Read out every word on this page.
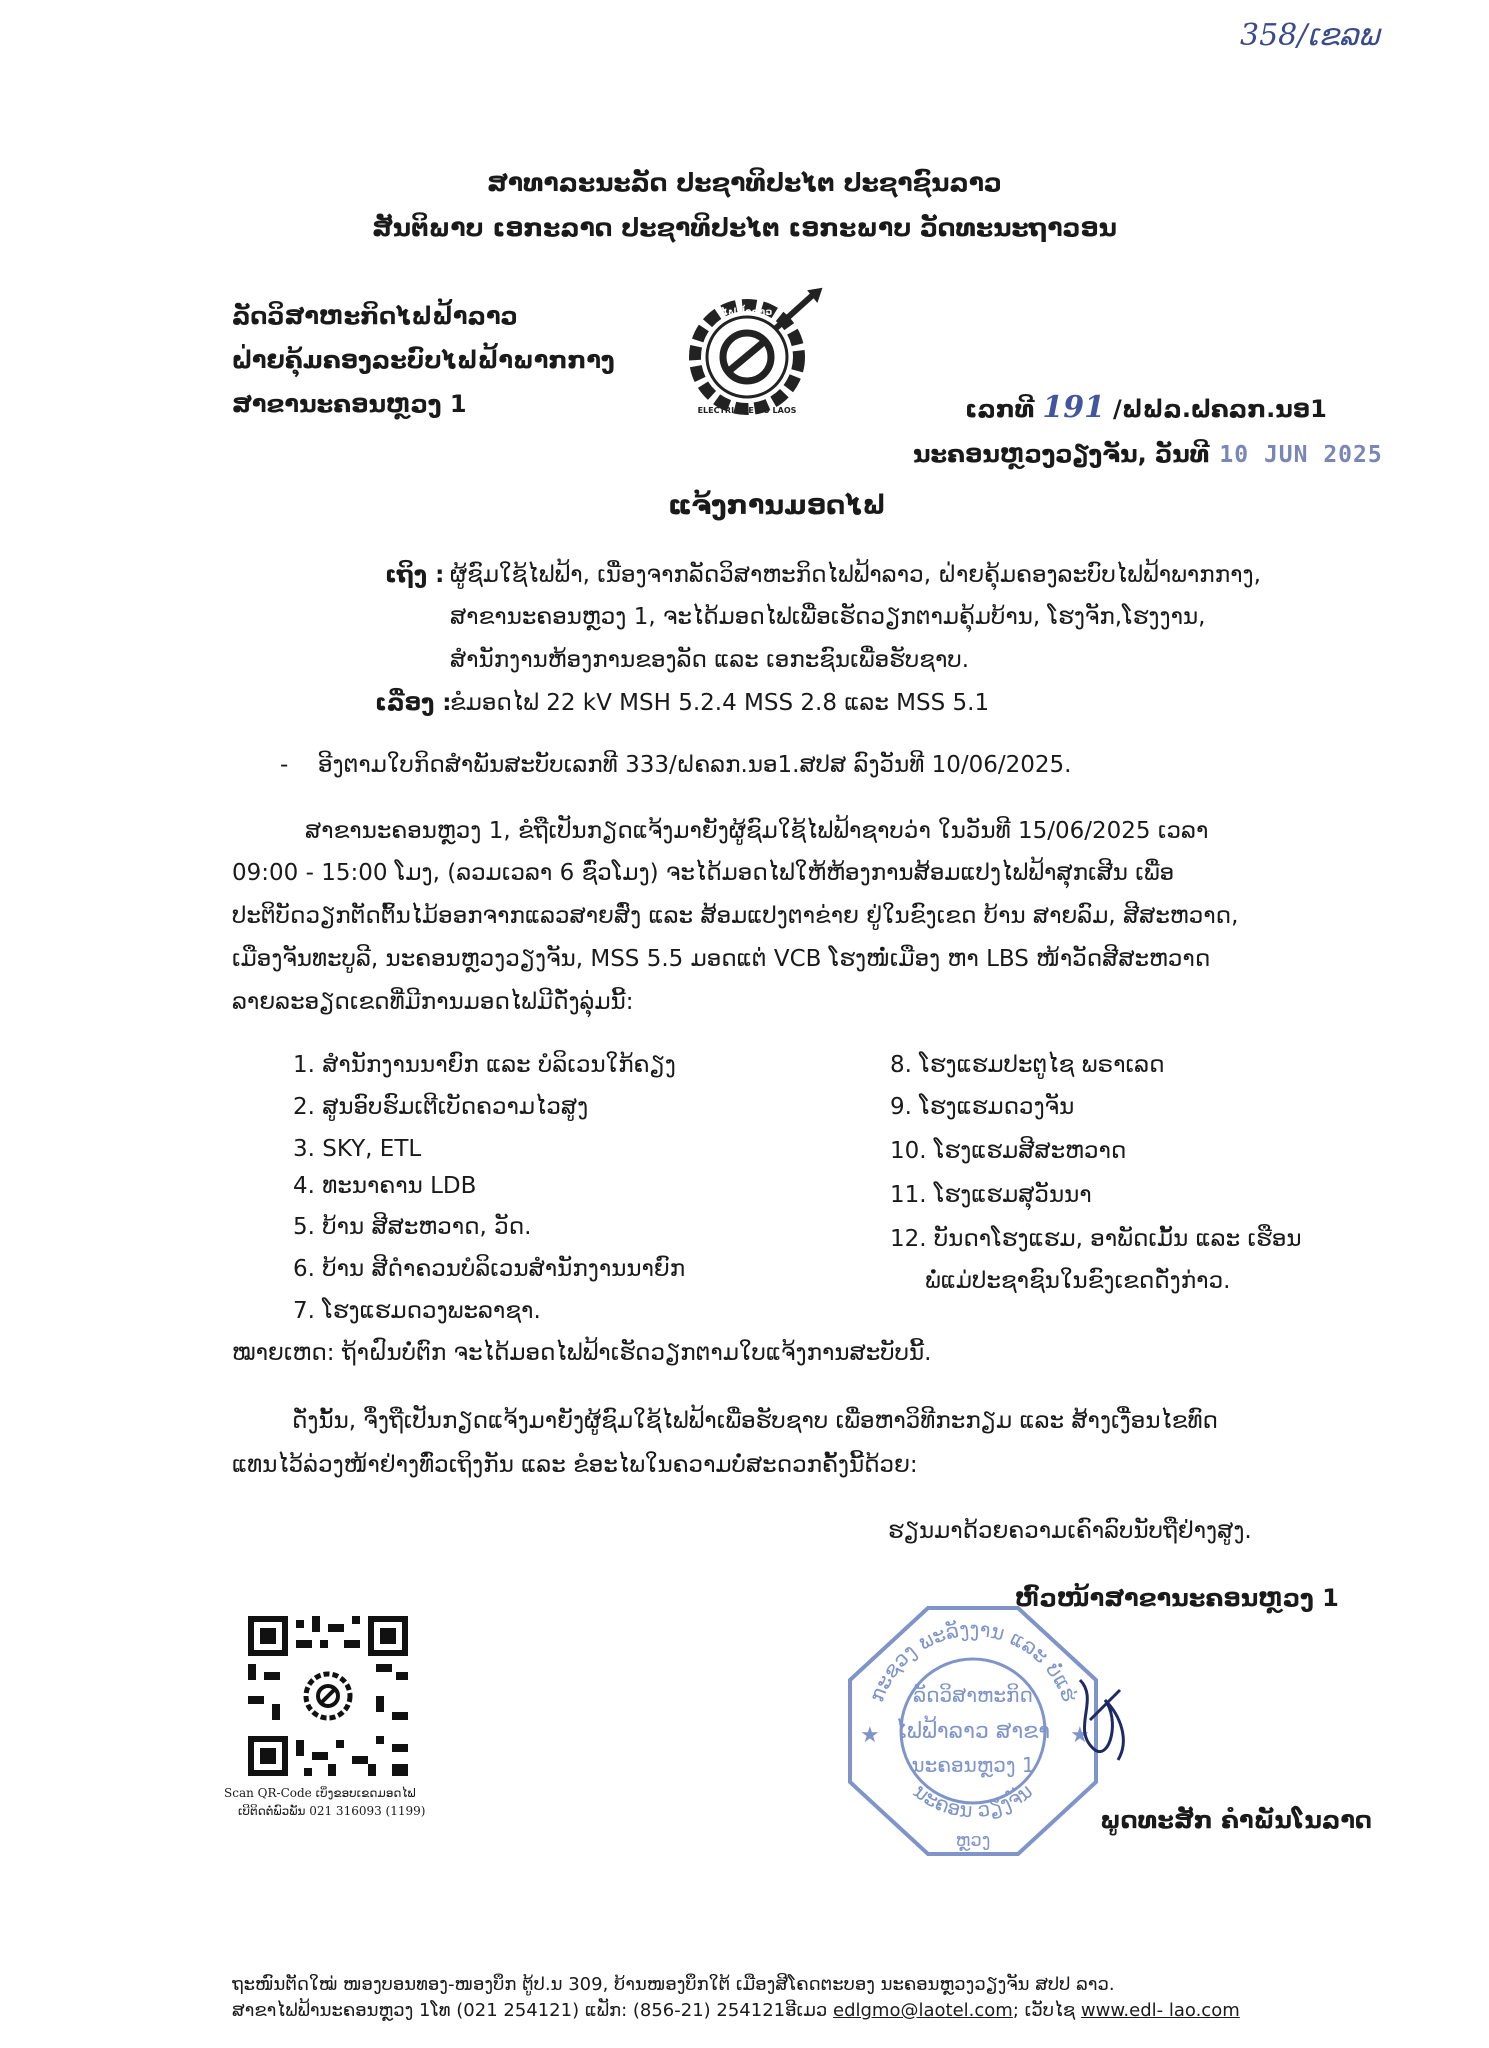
358/ເຂລພ
ສາທາລະນະລັດ ປະຊາທິປະໄຕ ປະຊາຊົນລາວ
ສັນຕິພາບ ເອກະລາດ ປະຊາທິປະໄຕ ເອກະພາບ ວັດທະນະຖາວອນ
ລັດວິສາຫະກິດໄຟຟ້າລາວ
ຝ່າຍຄຸ້ມຄອງລະບົບໄຟຟ້າພາກກາງ
ສາຂານະຄອນຫຼວງ 1
ໄຟຟ້າລາວ
ELECTRICITE DU LAOS	ເລກທີ 191 /ຟຟລ.ຝຄລກ.ນອ1
ນະຄອນຫຼວງວຽງຈັນ, ວັນທີ 10 JUN 2025
ແຈ້ງການມອດໄຟ
ເຖິງ : ຜູ້ຊົມໃຊ້ໄຟຟ້າ, ເນື່ອງຈາກລັດວິສາຫະກິດໄຟຟ້າລາວ, ຝ່າຍຄຸ້ມຄອງລະບົບໄຟຟ້າພາກກາງ,
ສາຂານະຄອນຫຼວງ 1, ຈະໄດ້ມອດໄຟເພື່ອເຮັດວຽກຕາມຄຸ້ມບ້ານ, ໂຮງຈັກ,ໂຮງງານ,
ສຳນັກງານຫ້ອງການຂອງລັດ ແລະ ເອກະຊົນເພື່ອຮັບຊາບ.
ເລື່ອງ :
ຂໍມອດໄຟ 22 kV MSH 5.2.4 MSS 2.8 ແລະ MSS 5.1
- ອີງຕາມໃບກິດສຳພັນສະບັບເລກທີ 333/ຝຄລກ.ນອ1.ສປສ ລົງວັນທີ 10/06/2025.
ສາຂານະຄອນຫຼວງ 1, ຂໍຖືເປັນກຽດແຈ້ງມາຍັງຜູ້ຊົມໃຊ້ໄຟຟ້າຊາບວ່າ ໃນວັນທີ 15/06/2025 ເວລາ
09:00 - 15:00 ໂມງ, (ລວມເວລາ 6 ຊົ່ວໂມງ) ຈະໄດ້ມອດໄຟໃຫ້ຫ້ອງການສ້ອມແປງໄຟຟ້າສຸກເສີນ ເພື່ອ
ປະຕິບັດວຽກຕັດຕົ້ນໄມ້ອອກຈາກແລວສາຍສົ່ງ ແລະ ສ້ອມແປງຕາຂ່າຍ ຢູ່ໃນຂົງເຂດ ບ້ານ ສາຍລົມ, ສີສະຫວາດ,
ເມືອງຈັນທະບູລີ, ນະຄອນຫຼວງວຽງຈັນ, MSS 5.5 ມອດແຕ່ VCB ໂຮງໜໍ່ເມືອງ ຫາ LBS ໜ້າວັດສີສະຫວາດ
ລາຍລະອຽດເຂດທີ່ມີການມອດໄຟມີດັ່ງລຸ່ມນີ້:
1. ສຳນັກງານນາຍົກ ແລະ ບໍລິເວນໃກ້ຄຽງ
2. ສູນອົບຮົມເຕີເບັດຄວາມໄວສູງ
3. SKY, ETL
4. ທະນາຄານ LDB
5. ບ້ານ ສີສະຫວາດ, ວັດ.
6. ບ້ານ ສີດຳຄວນບໍລິເວນສຳນັກງານນາຍົກ
7. ໂຮງແຮມດວງພະລາຊາ.
8. ໂຮງແຮມປະຕູໄຊ ພຣາເລດ
9. ໂຮງແຮມດວງຈັນ
10. ໂຮງແຮມສີສະຫວາດ
11. ໂຮງແຮມສຸວັນນາ
12. ບັນດາໂຮງແຮມ, ອາພັດເມັ້ນ ແລະ ເຮືອນ
ພໍ່ແມ່ປະຊາຊົນໃນຂົງເຂດດັ່ງກ່າວ.
ໝາຍເຫດ: ຖ້າຝົນບໍ່ຕົກ ຈະໄດ້ມອດໄຟຟ້າເຮັດວຽກຕາມໃບແຈ້ງການສະບັບນີ້.
ດັ່ງນັ້ນ, ຈຶ່ງຖືເປັນກຽດແຈ້ງມາຍັງຜູ້ຊົມໃຊ້ໄຟຟ້າເພື່ອຮັບຊາບ ເພື່ອຫາວິທີກະກຽມ ແລະ ສ້າງເງື່ອນໄຂທົດ
ແທນໄວ້ລ່ວງໜ້າຢ່າງທົ່ວເຖິງກັນ ແລະ ຂໍອະໄພໃນຄວາມບໍ່ສະດວກຄັ້ງນີ້ດ້ວຍ:
ຮຽນມາດ້ວຍຄວາມເຄົາລົບນັບຖືຢ່າງສູງ.
ຫົວໜ້າສາຂານະຄອນຫຼວງ 1
Scan QR-Code ເບິ່ງຂອບເຂດມອດໄຟ
ເບີຕິດຕໍ່ພົວພັນ 021 316093 (1199)
ກະຊວງ ພະລັງງານ ແລະ ບໍ່ແຮ່
ນະຄອນ ວຽງຈັນ
ລັດວິສາຫະກິດ
ໄຟຟ້າລາວ ສາຂາ
ນະຄອນຫຼວງ 1
ຫຼວງ
★	★
ພູດທະສັກ ຄຳພັນໂນລາດ
ຖະໜົນຕັດໃໝ່ ໜອງບອນທອງ-ໜອງບຶກ ຕູ້ປ.ນ 309, ບ້ານໜອງບຶກໃຕ້ ເມືອງສີໂຄດຕະບອງ ນະຄອນຫຼວງວຽງຈັນ ສປປ ລາວ.
ສາຂາໄຟຟ້ານະຄອນຫຼວງ 1ໂທ (021 254121) ແຟັກ: (856-21) 254121ອີເມວ edlgmo@laotel.com; ເວັບໄຊ www.edl- lao.com
